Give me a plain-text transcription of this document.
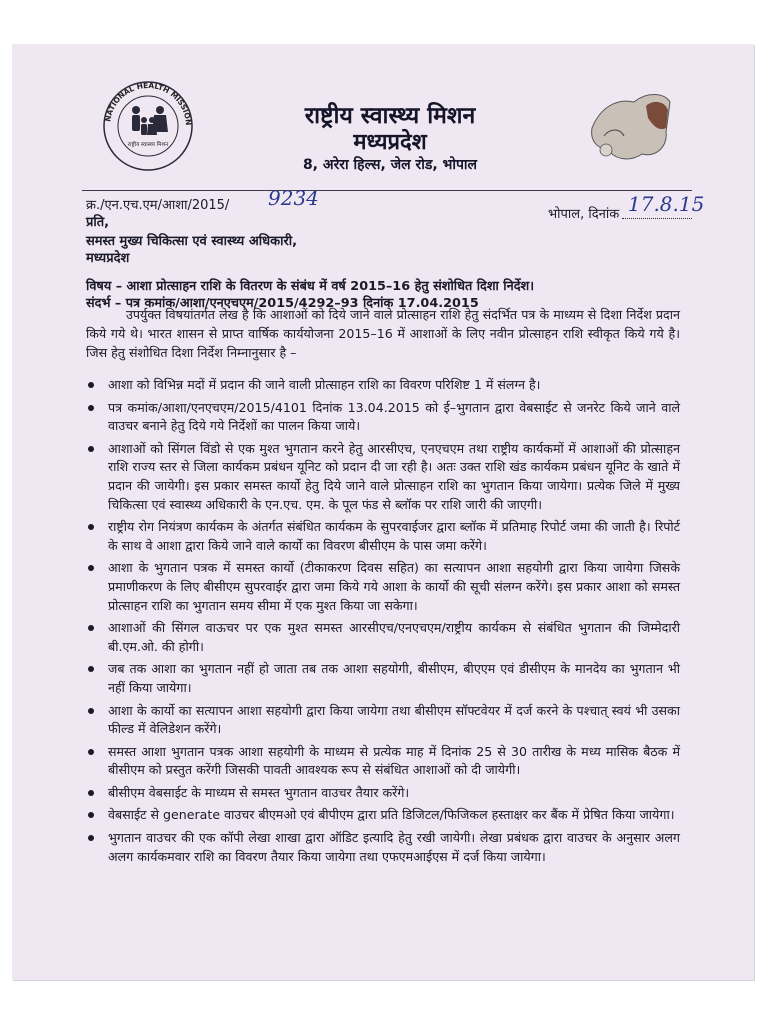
NATIONAL HEALTH MISSION
राष्ट्रीय स्वास्थ्य मिशन
राष्ट्रीय स्वास्थ्य मिशन
मध्यप्रदेश
8, अरेरा हिल्स, जेल रोड, भोपाल
क्र./एन.एच.एम/आशा/2015/ 9234
भोपाल, दिनांक 17.8.15
प्रति,
समस्त मुख्य चिकित्सा एवं स्वास्थ्य अधिकारी,
मध्यप्रदेश
विषय – आशा प्रोत्साहन राशि के वितरण के संबंध में वर्ष 2015–16 हेतु संशोधित दिशा निर्देश।
संदर्भ – पत्र कमांक/आशा/एनएचएम/2015/4292–93 दिनांक 17.04.2015
उपर्युक्त विषयांतर्गत लेख है कि आशाओं को दिये जाने वाले प्रोत्साहन राशि हेतु संदर्भित पत्र के माध्यम से दिशा निर्देश प्रदान किये गये थे। भारत शासन से प्राप्त वार्षिक कार्ययोजना 2015–16 में आशाओं के लिए नवीन प्रोत्साहन राशि स्वीकृत किये गये है। जिस हेतु संशोधित दिशा निर्देश निम्नानुसार है –
आशा को विभिन्न मदों में प्रदान की जाने वाली प्रोत्साहन राशि का विवरण परिशिष्ट 1 में संलग्न है।
पत्र कमांक/आशा/एनएचएम/2015/4101 दिनांक 13.04.2015 को ई–भुगतान द्वारा वेबसाईट से जनरेट किये जाने वाले वाउचर बनाने हेतु दिये गये निर्देशों का पालन किया जाये।
आशाओं को सिंगल विंडो से एक मुश्त भुगतान करने हेतु आरसीएच, एनएचएम तथा राष्ट्रीय कार्यकमों में आशाओं की प्रोत्साहन राशि राज्य स्तर से जिला कार्यकम प्रबंधन यूनिट को प्रदान दी जा रही है। अतः उक्त राशि खंड कार्यकम प्रबंधन यूनिट के खाते में प्रदान की जायेगी। इस प्रकार समस्त कार्यो हेतु दिये जाने वाले प्रोत्साहन राशि का भुगतान किया जायेगा। प्रत्येक जिले में मुख्य चिकित्सा एवं स्वास्थ्य अधिकारी के एन.एच. एम. के पूल फंड से ब्लॉक पर राशि जारी की जाएगी।
राष्ट्रीय रोग नियंत्रण कार्यकम के अंतर्गत संबंधित कार्यकम के सुपरवाईजर द्वारा ब्लॉक में प्रतिमाह रिपोर्ट जमा की जाती है। रिपोर्ट के साथ वे आशा द्वारा किये जाने वाले कार्यो का विवरण बीसीएम के पास जमा करेंगे।
आशा के भुगतान पत्रक में समस्त कार्यो (टीकाकरण दिवस सहित) का सत्यापन आशा सहयोगी द्वारा किया जायेगा जिसके प्रमाणीकरण के लिए बीसीएम सुपरवाईर द्वारा जमा किये गये आशा के कार्यो की सूची संलग्न करेंगे। इस प्रकार आशा को समस्त प्रोत्साहन राशि का भुगतान समय सीमा में एक मुश्त किया जा सकेगा।
आशाओं की सिंगल वाऊचर पर एक मुश्त समस्त आरसीएच/एनएचएम/राष्ट्रीय कार्यकम से संबंधित भुगतान की जिम्मेदारी बी.एम.ओ. की होगी।
जब तक आशा का भुगतान नहीं हो जाता तब तक आशा सहयोगी, बीसीएम, बीएएम एवं डीसीएम के मानदेय का भुगतान भी नहीं किया जायेगा।
आशा के कार्यो का सत्यापन आशा सहयोगी द्वारा किया जायेगा तथा बीसीएम सॉफ्टवेयर में दर्ज करने के पश्चात् स्वयं भी उसका फील्ड में वेलिडेशन करेंगे।
समस्त आशा भुगतान पत्रक आशा सहयोगी के माध्यम से प्रत्येक माह में दिनांक 25 से 30 तारीख के मध्य मासिक बैठक में बीसीएम को प्रस्तुत करेंगी जिसकी पावती आवश्यक रूप से संबंधित आशाओं को दी जायेगी।
बीसीएम वेबसाईट के माध्यम से समस्त भुगतान वाउचर तैयार करेंगे।
वेबसाईट से generate वाउचर बीएमओ एवं बीपीएम द्वारा प्रति डिजिटल/फिजिकल हस्ताक्षर कर बैंक में प्रेषित किया जायेगा।
भुगतान वाउचर की एक कॉपी लेखा शाखा द्वारा ऑडिट इत्यादि हेतु रखी जायेगी। लेखा प्रबंधक द्वारा वाउचर के अनुसार अलग अलग कार्यकमवार राशि का विवरण तैयार किया जायेगा तथा एफएमआईएस में दर्ज किया जायेगा।
